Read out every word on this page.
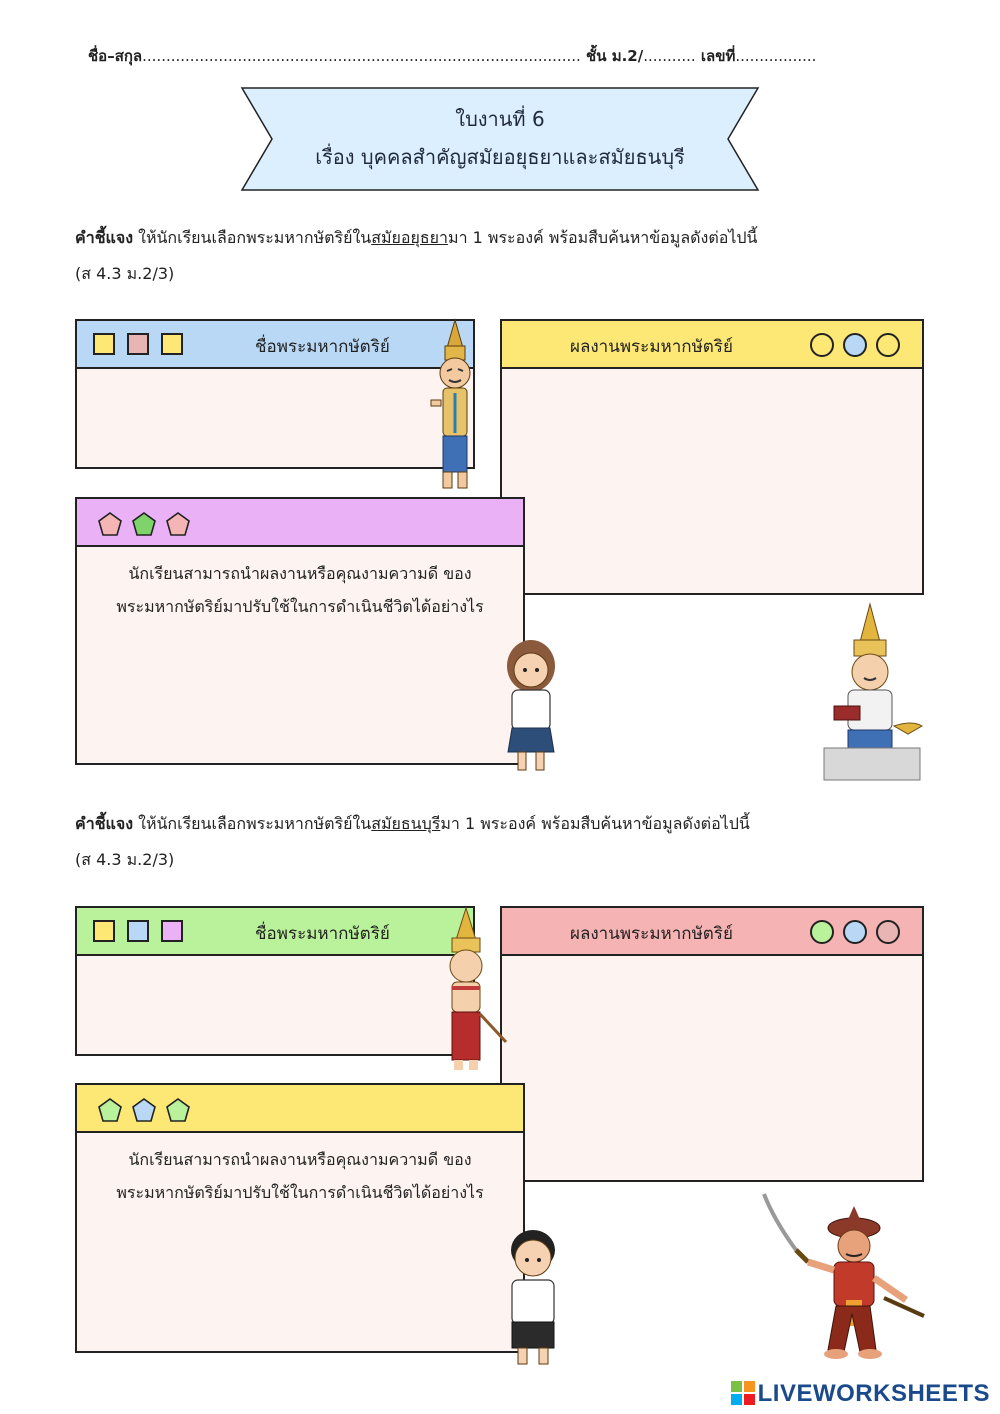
ชื่อ–สกุล............................................................................................ ชั้น ม.2/........... เลขที่.................
ใบงานที่ 6
เรื่อง บุคคลสำคัญสมัยอยุธยาและสมัยธนบุรี
คำชี้แจง ให้นักเรียนเลือกพระมหากษัตริย์ในสมัยอยุธยามา 1 พระองค์ พร้อมสืบค้นหาข้อมูลดังต่อไปนี้
(ส 4.3 ม.2/3)
ชื่อพระมหากษัตริย์	ผลงานพระมหากษัตริย์
นักเรียนสามารถนำผลงานหรือคุณงามความดี ของ
พระมหากษัตริย์มาปรับใช้ในการดำเนินชีวิตได้อย่างไร
คำชี้แจง ให้นักเรียนเลือกพระมหากษัตริย์ในสมัยธนบุรีมา 1 พระองค์ พร้อมสืบค้นหาข้อมูลดังต่อไปนี้
(ส 4.3 ม.2/3)
ชื่อพระมหากษัตริย์	ผลงานพระมหากษัตริย์
นักเรียนสามารถนำผลงานหรือคุณงามความดี ของ
พระมหากษัตริย์มาปรับใช้ในการดำเนินชีวิตได้อย่างไร
LIVEWORKSHEETS
